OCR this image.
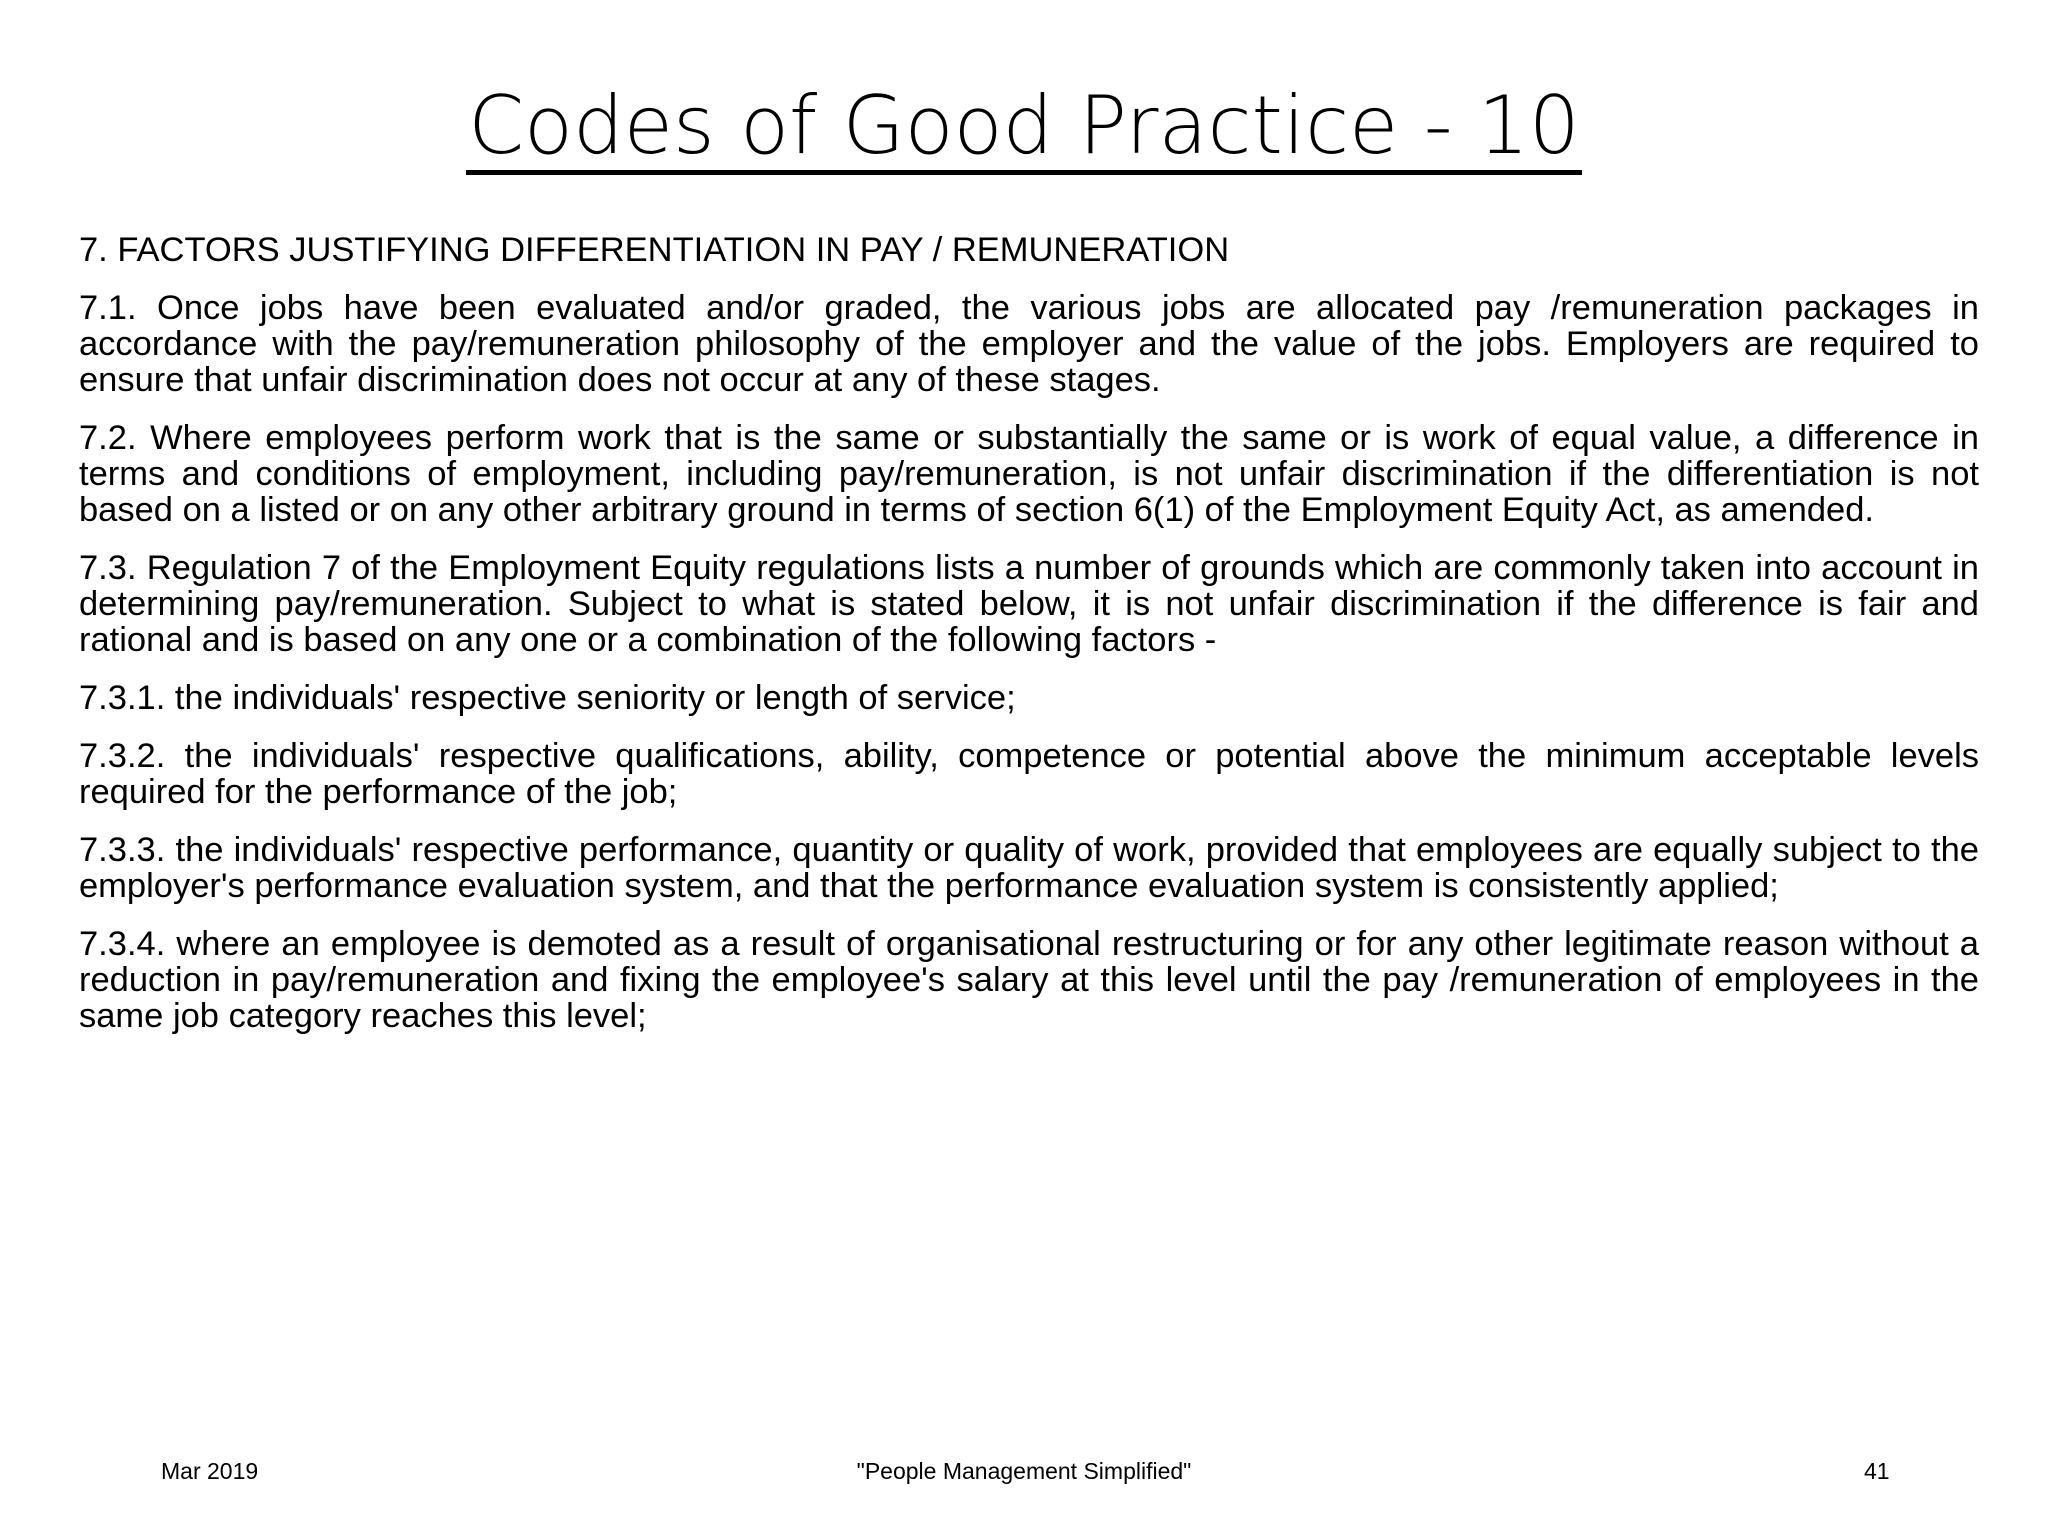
Codes of Good Practice - 10
7. FACTORS JUSTIFYING DIFFERENTIATION IN PAY / REMUNERATION
7.1. Once jobs have been evaluated and/or graded, the various jobs are allocated pay /remuneration packages in accordance with the pay/remuneration philosophy of the employer and the value of the jobs. Employers are required to ensure that unfair discrimination does not occur at any of these stages.
7.2. Where employees perform work that is the same or substantially the same or is work of equal value, a difference in terms and conditions of employment, including pay/remuneration, is not unfair discrimination if the differentiation is not based on a listed or on any other arbitrary ground in terms of section 6(1) of the Employment Equity Act, as amended.
7.3. Regulation 7 of the Employment Equity regulations lists a number of grounds which are commonly taken into account in determining pay/remuneration. Subject to what is stated below, it is not unfair discrimination if the difference is fair and rational and is based on any one or a combination of the following factors -
7.3.1. the individuals' respective seniority or length of service;
7.3.2. the individuals' respective qualifications, ability, competence or potential above the minimum acceptable levels required for the performance of the job;
7.3.3. the individuals' respective performance, quantity or quality of work, provided that employees are equally subject to the employer's performance evaluation system, and that the performance evaluation system is consistently applied;
7.3.4. where an employee is demoted as a result of organisational restructuring or for any other legitimate reason without a reduction in pay/remuneration and fixing the employee's salary at this level until the pay /remuneration of employees in the same job category reaches this level;
Mar 2019	"People Management Simplified"	41
